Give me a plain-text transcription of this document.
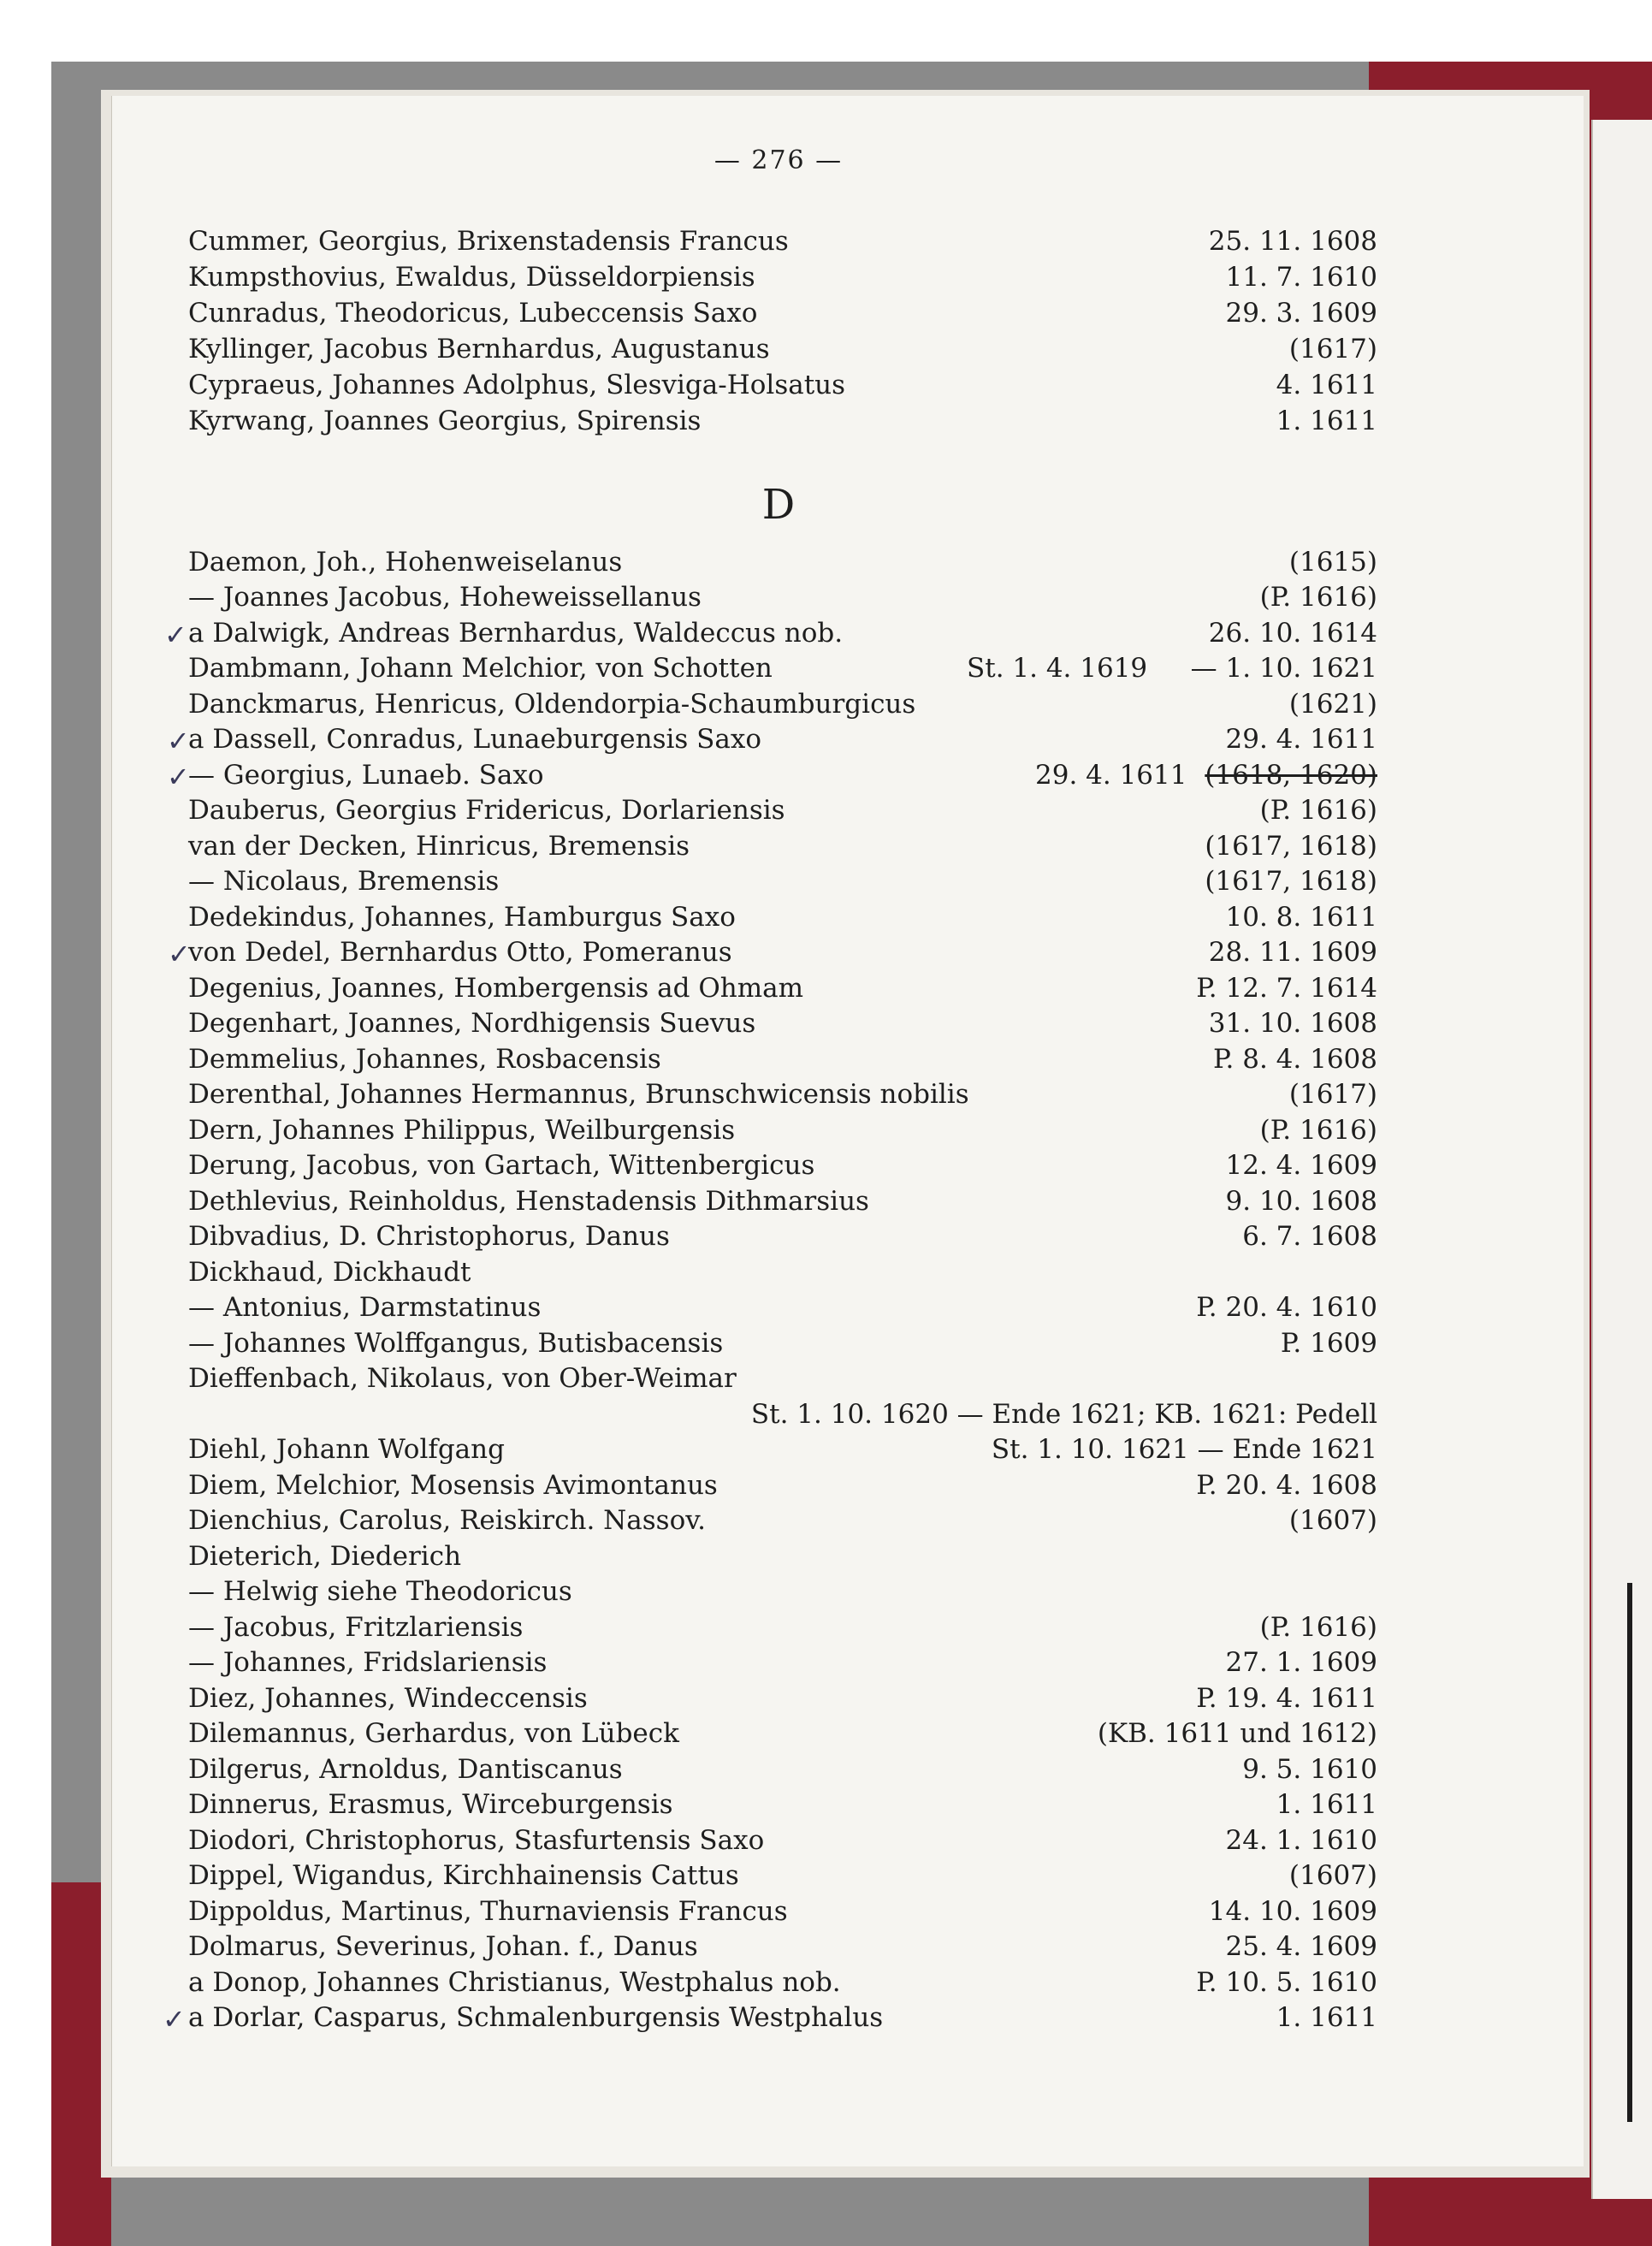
— 276 —
Cummer, Georgius, Brixenstadensis Francus	25. 11. 1608
Kumpsthovius, Ewaldus, Düsseldorpiensis	11. 7. 1610
Cunradus, Theodoricus, Lubeccensis Saxo	29. 3. 1609
Kyllinger, Jacobus Bernhardus, Augustanus	(1617)
Cypraeus, Johannes Adolphus, Slesviga-Holsatus	4. 1611
Kyrwang, Joannes Georgius, Spirensis	1. 1611
D
Daemon, Joh., Hohenweiselanus	(1615)
— Joannes Jacobus, Hoheweissellanus	(P. 1616)
a Dalwigk, Andreas Bernhardus, Waldeccus nob.	26. 10. 1614
Dambmann, Johann Melchior, von Schotten	St. 1. 4. 1619 — 1. 10. 1621
Danckmarus, Henricus, Oldendorpia-Schaumburgicus	(1621)
a Dassell, Conradus, Lunaeburgensis Saxo	29. 4. 1611
— Georgius, Lunaeb. Saxo	29. 4. 1611 (1618, 1620)
Dauberus, Georgius Fridericus, Dorlariensis	(P. 1616)
van der Decken, Hinricus, Bremensis	(1617, 1618)
— Nicolaus, Bremensis	(1617, 1618)
Dedekindus, Johannes, Hamburgus Saxo	10. 8. 1611
von Dedel, Bernhardus Otto, Pomeranus	28. 11. 1609
Degenius, Joannes, Hombergensis ad Ohmam	P. 12. 7. 1614
Degenhart, Joannes, Nordhigensis Suevus	31. 10. 1608
Demmelius, Johannes, Rosbacensis	P. 8. 4. 1608
Derenthal, Johannes Hermannus, Brunschwicensis nobilis	(1617)
Dern, Johannes Philippus, Weilburgensis	(P. 1616)
Derung, Jacobus, von Gartach, Wittenbergicus	12. 4. 1609
Dethlevius, Reinholdus, Henstadensis Dithmarsius	9. 10. 1608
Dibvadius, D. Christophorus, Danus	6. 7. 1608
Dickhaud, Dickhaudt
— Antonius, Darmstatinus	P. 20. 4. 1610
— Johannes Wolffgangus, Butisbacensis	P. 1609
Dieffenbach, Nikolaus, von Ober-Weimar
St. 1. 10. 1620 — Ende 1621; KB. 1621: Pedell
Diehl, Johann Wolfgang	St. 1. 10. 1621 — Ende 1621
Diem, Melchior, Mosensis Avimontanus	P. 20. 4. 1608
Dienchius, Carolus, Reiskirch. Nassov.	(1607)
Dieterich, Diederich
— Helwig siehe Theodoricus
— Jacobus, Fritzlariensis	(P. 1616)
— Johannes, Fridslariensis	27. 1. 1609
Diez, Johannes, Windeccensis	P. 19. 4. 1611
Dilemannus, Gerhardus, von Lübeck	(KB. 1611 und 1612)
Dilgerus, Arnoldus, Dantiscanus	9. 5. 1610
Dinnerus, Erasmus, Wirceburgensis	1. 1611
Diodori, Christophorus, Stasfurtensis Saxo	24. 1. 1610
Dippel, Wigandus, Kirchhainensis Cattus	(1607)
Dippoldus, Martinus, Thurnaviensis Francus	14. 10. 1609
Dolmarus, Severinus, Johan. f., Danus	25. 4. 1609
a Donop, Johannes Christianus, Westphalus nob.	P. 10. 5. 1610
a Dorlar, Casparus, Schmalenburgensis Westphalus	1. 1611
✓
✓
✓
✓
✓
